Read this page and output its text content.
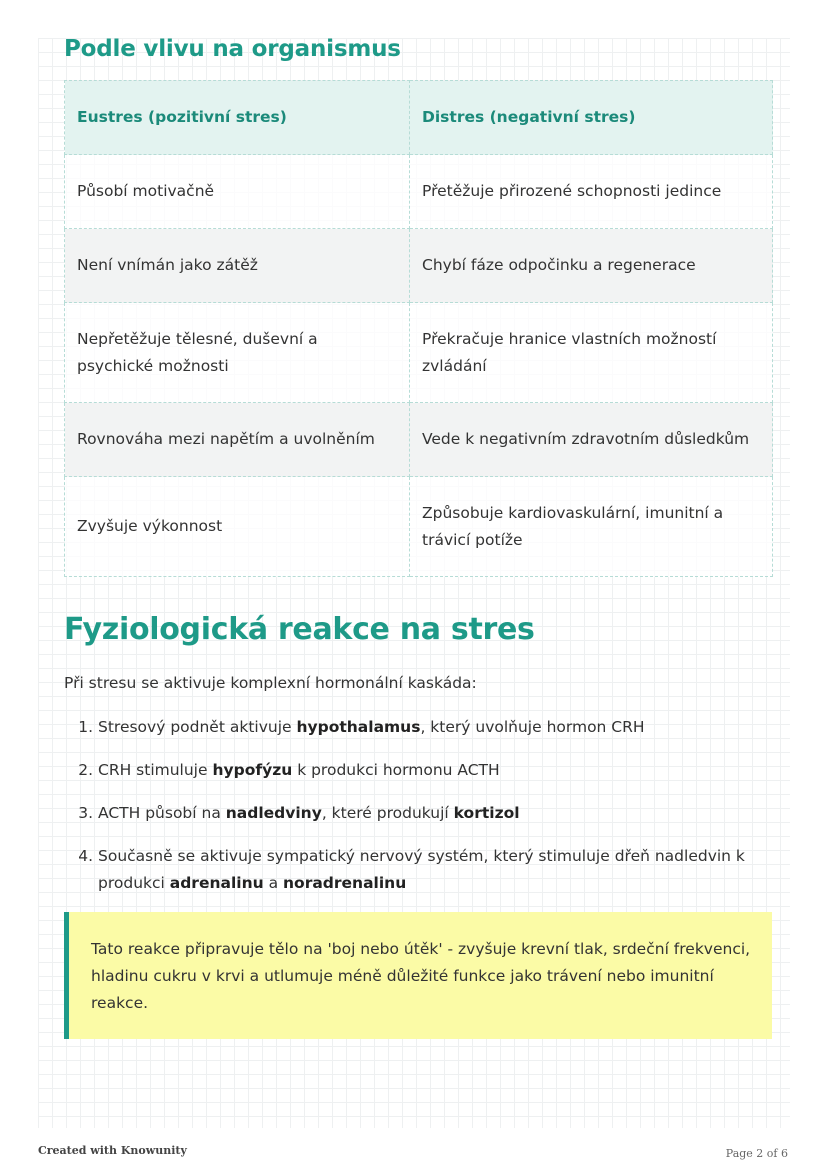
Podle vlivu na organismus
Eustres (pozitivní stres)	Distres (negativní stres)
Působí motivačně	Přetěžuje přirozené schopnosti jedince
Není vnímán jako zátěž	Chybí fáze odpočinku a regenerace
Nepřetěžuje tělesné, duševní a psychické možnosti	Překračuje hranice vlastních možností zvládání
Rovnováha mezi napětím a uvolněním	Vede k negativním zdravotním důsledkům
Zvyšuje výkonnost	Způsobuje kardiovaskulární, imunitní a trávicí potíže
Fyziologická reakce na stres

Při stresu se aktivuje komplexní hormonální kaskáda:

1. Stresový podnět aktivuje hypothalamus, který uvolňuje hormon CRH
2. CRH stimuluje hypofýzu k produkci hormonu ACTH
3. ACTH působí na nadledviny, které produkují kortizol
4. Současně se aktivuje sympatický nervový systém, který stimuluje dřeň nadledvin k produkci adrenalinu a noradrenalinu
Tato reakce připravuje tělo na 'boj nebo útěk' - zvyšuje krevní tlak, srdeční frekvenci, hladinu cukru v krvi a utlumuje méně důležité funkce jako trávení nebo imunitní reakce.
Created with Knowunity	Page 2 of 6
